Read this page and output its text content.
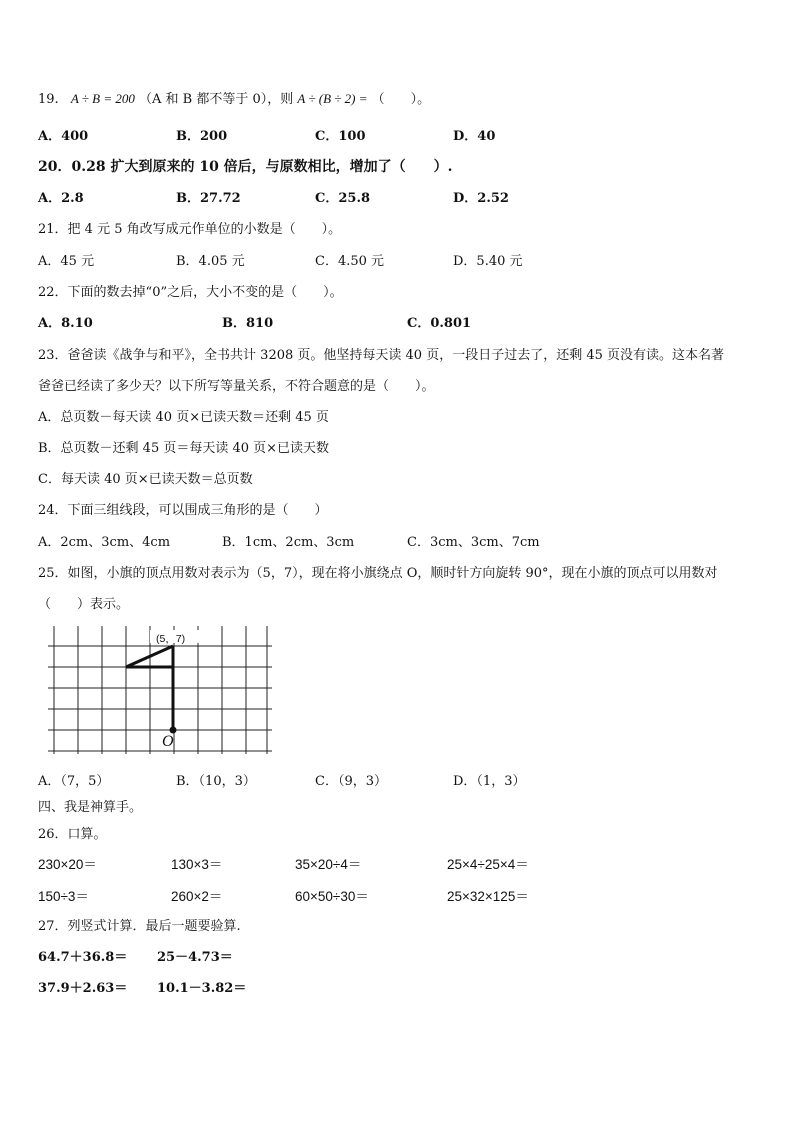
19. A ÷ B = 200 （A 和 B 都不等于 0），则 A ÷ (B ÷ 2) = （　　）。
A．400	B．200	C．100	D．40
20．0.28 扩大到原来的 10 倍后，与原数相比，增加了（　　）.
A．2.8	B．27.72	C．25.8	D．2.52
21．把 4 元 5 角改写成元作单位的小数是（　　）。
A．45 元	B．4.05 元	C．4.50 元	D．5.40 元
22．下面的数去掉“0”之后，大小不变的是（　　）。
A．8.10	B．810	C．0.801
23．爸爸读《战争与和平》，全书共计 3208 页。他坚持每天读 40 页，一段日子过去了，还剩 45 页没有读。这本名著
爸爸已经读了多少天？以下所写等量关系，不符合题意的是（　　）。
A．总页数－每天读 40 页×已读天数＝还剩 45 页
B．总页数－还剩 45 页＝每天读 40 页×已读天数
C．每天读 40 页×已读天数＝总页数
24．下面三组线段，可以围成三角形的是（　　）
A．2cm、3cm、4cm	B．1cm、2cm、3cm	C．3cm、3cm、7cm
25．如图，小旗的顶点用数对表示为（5，7），现在将小旗绕点 O，顺时针方向旋转 90°，现在小旗的顶点可以用数对
（　　）表示。
(5，7)
O
A．（7，5）	B．（10，3）	C．（9，3）	D．（1，3）
四、我是神算手。
26．口算。
230×20＝	130×3＝	35×20÷4＝	25×4÷25×4＝
150÷3＝	260×2＝	60×50÷30＝	25×32×125＝
27．列竖式计算．最后一题要验算.
64.7＋36.8＝ 25－4.73＝
37.9＋2.63＝ 10.1－3.82＝
